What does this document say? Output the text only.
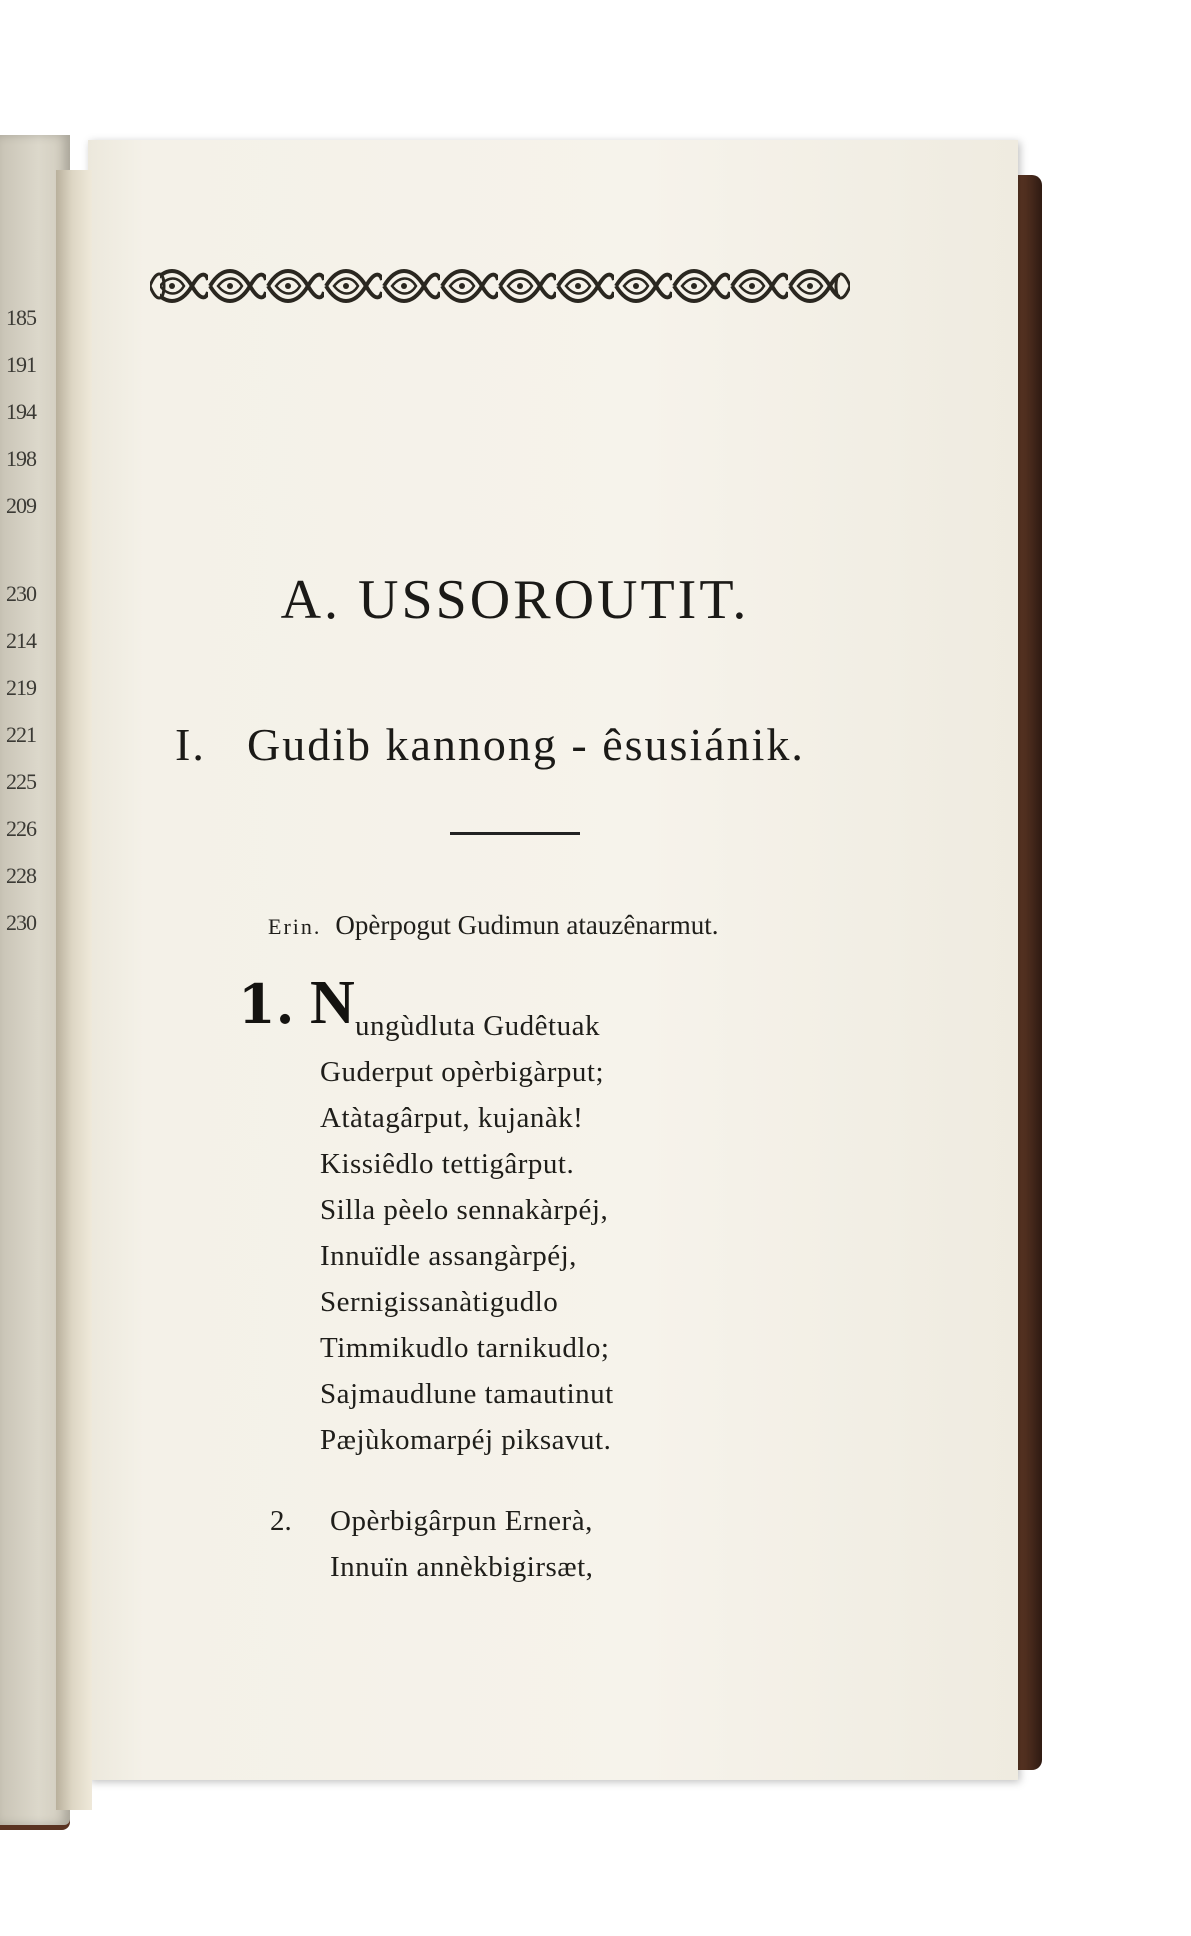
185
191
194
198
209
230
214
219
221
225
226
228
230
A. USSOROUTIT.
I. Gudib kannong - êsusiánik.
Erin. Opèrpogut Gudimun atauzênarmut.
1. N ungùdluta Gudêtuak
Guderput opèrbigàrput;
Atàtagârput, kujanàk!
Kissiêdlo tettigârput.
Silla pèelo sennakàrpéj,
Innuïdle assangàrpéj,
Sernigissanàtigudlo
Timmikudlo tarnikudlo;
Sajmaudlune tamautinut
Pæjùkomarpéj piksavut.
2. Opèrbigârpun Ernerà,
Innuïn annèkbigirsæt,
